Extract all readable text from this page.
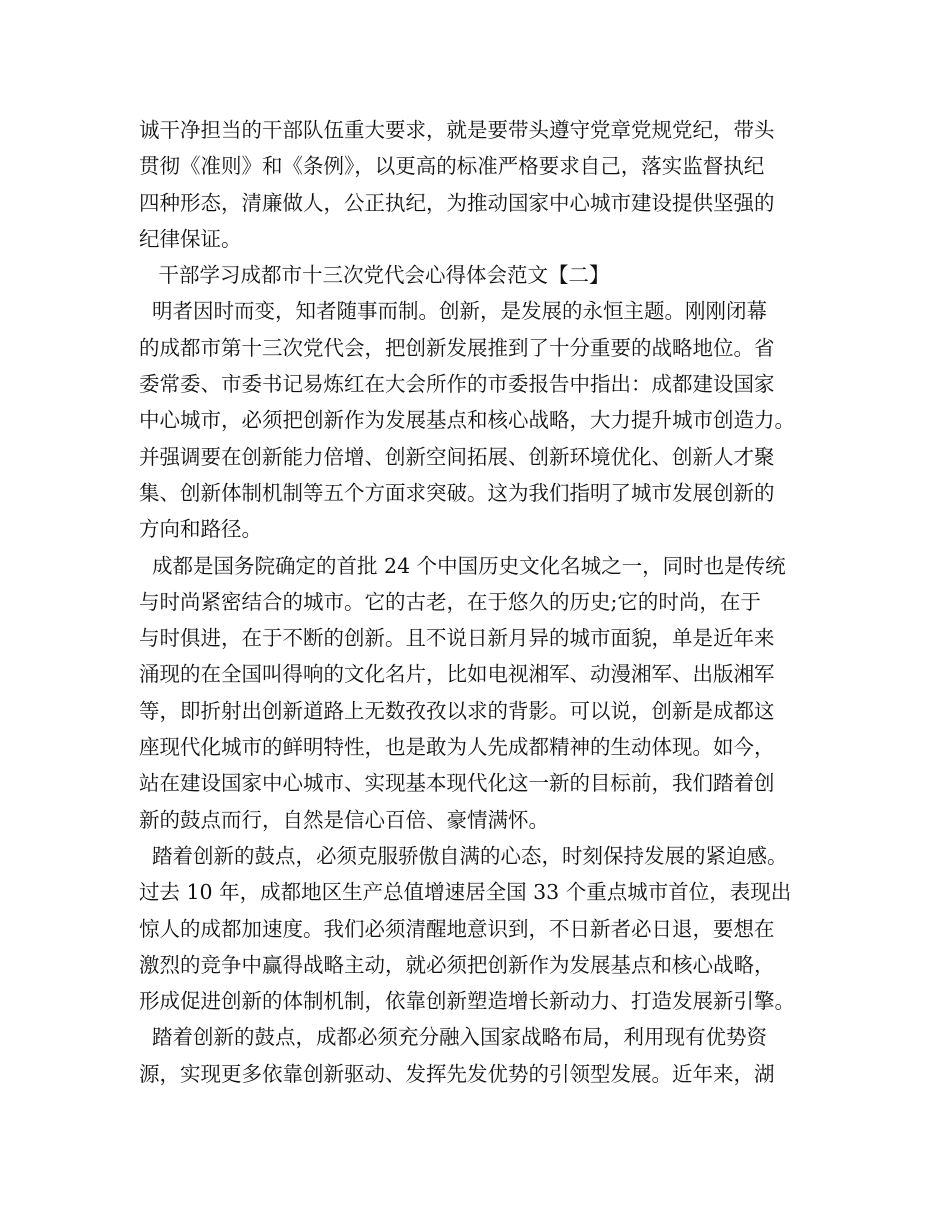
诚干净担当的干部队伍重大要求，就是要带头遵守党章党规党纪，带头
贯彻《准则》和《条例》，以更高的标准严格要求自己，落实监督执纪
四种形态，清廉做人，公正执纪，为推动国家中心城市建设提供坚强的
纪律保证。
干部学习成都市十三次党代会心得体会范文【二】
明者因时而变，知者随事而制。创新，是发展的永恒主题。刚刚闭幕
的成都市第十三次党代会，把创新发展推到了十分重要的战略地位。省
委常委、市委书记易炼红在大会所作的市委报告中指出：成都建设国家
中心城市，必须把创新作为发展基点和核心战略，大力提升城市创造力。
并强调要在创新能力倍增、创新空间拓展、创新环境优化、创新人才聚
集、创新体制机制等五个方面求突破。这为我们指明了城市发展创新的
方向和路径。
成都是国务院确定的首批 24 个中国历史文化名城之一，同时也是传统
与时尚紧密结合的城市。它的古老，在于悠久的历史;它的时尚，在于
与时俱进，在于不断的创新。且不说日新月异的城市面貌，单是近年来
涌现的在全国叫得响的文化名片，比如电视湘军、动漫湘军、出版湘军
等，即折射出创新道路上无数孜孜以求的背影。可以说，创新是成都这
座现代化城市的鲜明特性，也是敢为人先成都精神的生动体现。如今，
站在建设国家中心城市、实现基本现代化这一新的目标前，我们踏着创
新的鼓点而行，自然是信心百倍、豪情满怀。
踏着创新的鼓点，必须克服骄傲自满的心态，时刻保持发展的紧迫感。
过去 10 年，成都地区生产总值增速居全国 33 个重点城市首位，表现出
惊人的成都加速度。我们必须清醒地意识到，不日新者必日退，要想在
激烈的竞争中赢得战略主动，就必须把创新作为发展基点和核心战略，
形成促进创新的体制机制，依靠创新塑造增长新动力、打造发展新引擎。
踏着创新的鼓点，成都必须充分融入国家战略布局，利用现有优势资
源，实现更多依靠创新驱动、发挥先发优势的引领型发展。近年来，湖
